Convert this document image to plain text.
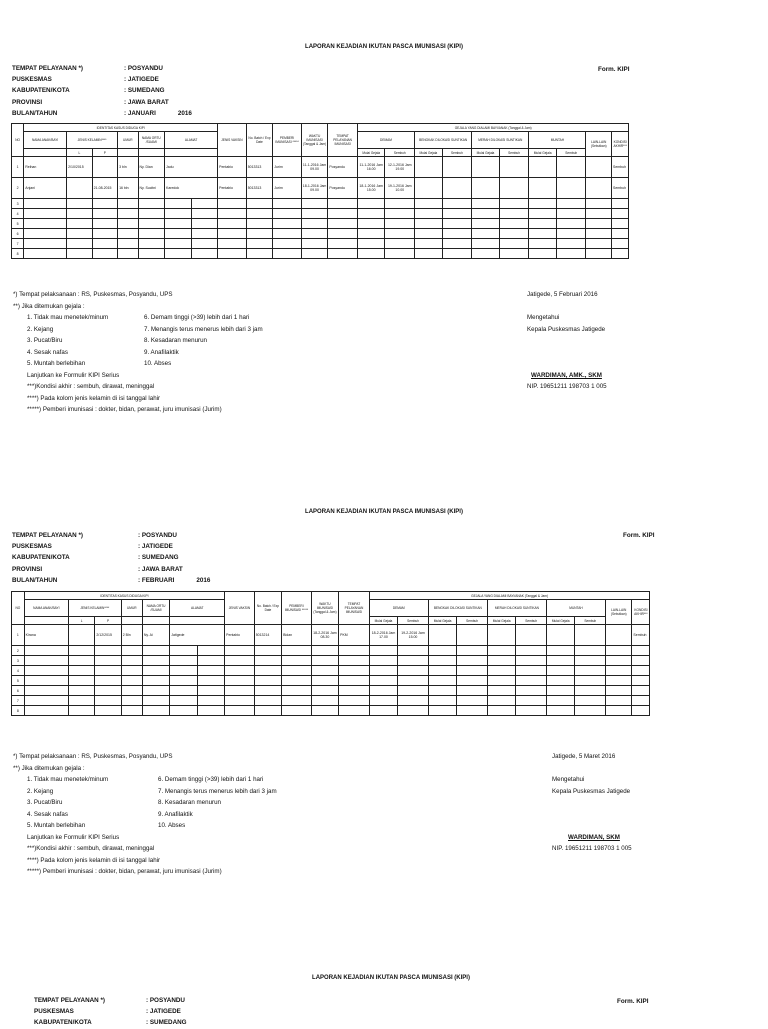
LAPORAN KEJADIAN IKUTAN PASCA IMUNISASI (KIPI)
TEMPAT PELAYANAN *)	: POSYANDU
PUSKESMAS	: JATIGEDE
KABUPATEN/KOTA	: SUMEDANG
PROVINSI	: JAWA BARAT
BULAN/TAHUN	: JANUARI	2016
Form. KIPI
NO	IDENTITAS KASUS DIDUGA KIPI							JENIS VAKSIN	No. Batch / Exp Date	PEMBERI IMUNISASI *****	WAKTU IMUNISASI (Tanggal & Jam)	TEMPAT PELAYANAN IMUNISASI	GEJALA YANG DIALAMI BAYI/ANAK (Tanggal & Jam)									
	NAMA ANAK/BAYI	JENIS KELAMIN****		UMUR	NAMA ORTU /SUAMI	ALAMAT							DEMAM		BENGKAK DILOKASI SUNTIKAN		MERAH DILOKASI SUNTIKAN		MUNTAH		LAIN-LAIN (Sebutkan)	KONDISI AKHIR***

		L	P										Mulai Gejala	Sembuh	Mulai Gejala	Sembuh	Mulai Gejala	Sembuh	Mulai Gejala	Sembuh		
1	Reihan	2/10/2015		3 bln	Ny. Dian	Jadu		Pentabio	5013313	Jurim	11-1-2016 Jam 09.00	Posyandu	11-1-2016 Jam 16.00	12-1-2016 Jam 19.00								Sembuh
2	Anjani		21-08-2015	16 bln	Ny. Sucitni	Karedok		Pentabio	5013313	Jurim	18-1-2016 Jam 09.00	Posyandu	18-1-2016 Jam 15.00	19-1-2016 Jam 10.00								Sembuh
3																						
4																						
5																						
6																						
7																						
8																						
*) Tempat pelaksanaan : RS, Puskesmas, Posyandu, UPS
**) Jika ditemukan gejala :
1. Tidak mau menetek/minum	6. Demam tinggi (>39) lebih dari 1 hari
2. Kejang	7. Menangis terus menerus lebih dari 3 jam
3. Pucat/Biru	8. Kesadaran menurun
4. Sesak nafas	9. Anafilaktik
5. Muntah berlebihan	10. Abses
Lanjutkan ke Formulir KIPI Serius
***)Kondisi akhir : sembuh, dirawat, meninggal
****) Pada kolom jenis kelamin di isi tanggal lahir
*****) Pemberi imunisasi : dokter, bidan, perawat, juru imunisasi (Jurim)
Jatigede, 5 Februari 2016

Mengetahui
Kepala Puskesmas Jatigede

WARDIMAN, AMK., SKM
NIP. 19651211 198703 1 005
LAPORAN KEJADIAN IKUTAN PASCA IMUNISASI (KIPI)
TEMPAT PELAYANAN *)	: POSYANDU
PUSKESMAS	: JATIGEDE
KABUPATEN/KOTA	: SUMEDANG
PROVINSI	: JAWA BARAT
BULAN/TAHUN	: FEBRUARI	2016
Form. KIPI
NO	IDENTITAS KASUS DIDUGA KIPI							JENIS VAKSIN	No. Batch / Exp Date	PEMBERI IMUNISASI *****	WAKTU IMUNISASI (Tanggal & Jam)	TEMPAT PELAYANAN IMUNISASI	GEJALA YANG DIALAMI BAYI/ANAK (Tanggal & Jam)									
	NAMA ANAK/BAYI	JENIS KELAMIN****		UMUR	NAMA ORTU /SUAMI	ALAMAT							DEMAM		BENGKAK DILOKASI SUNTIKAN		MERAH DILOKASI SUNTIKAN		MUNTAH		LAIN-LAIN (Sebutkan)	KONDISI AKHIR***

		L	P										Mulai Gejala	Sembuh	Mulai Gejala	Sembuh	Mulai Gejala	Sembuh	Mulai Gejala	Sembuh		
1	Kirana		2/12/2015	2 Bln	Ny. Ai	Jatigede		Pentabio	5013214	Bidan	18-2-2016 Jam 08.30	PKM	18-2-2016 Jam 17.00	19-2-2016 Jam 15.00								Sembuh
2																						
3																						
4																						
5																						
6																						
7																						
8																						
*) Tempat pelaksanaan : RS, Puskesmas, Posyandu, UPS
**) Jika ditemukan gejala :
1. Tidak mau menetek/minum	6. Demam tinggi (>39) lebih dari 1 hari
2. Kejang	7. Menangis terus menerus lebih dari 3 jam
3. Pucat/Biru	8. Kesadaran menurun
4. Sesak nafas	9. Anafilaktik
5. Muntah berlebihan	10. Abses
Lanjutkan ke Formulir KIPI Serius
***)Kondisi akhir : sembuh, dirawat, meninggal
****) Pada kolom jenis kelamin di isi tanggal lahir
*****) Pemberi imunisasi : dokter, bidan, perawat, juru imunisasi (Jurim)
Jatigede, 5 Maret 2016

Mengetahui
Kepala Puskesmas Jatigede

WARDIMAN, SKM
NIP. 19651211 198703 1 005
LAPORAN KEJADIAN IKUTAN PASCA IMUNISASI (KIPI)
TEMPAT PELAYANAN *)	: POSYANDU
PUSKESMAS	: JATIGEDE
KABUPATEN/KOTA	: SUMEDANG
Form. KIPI
